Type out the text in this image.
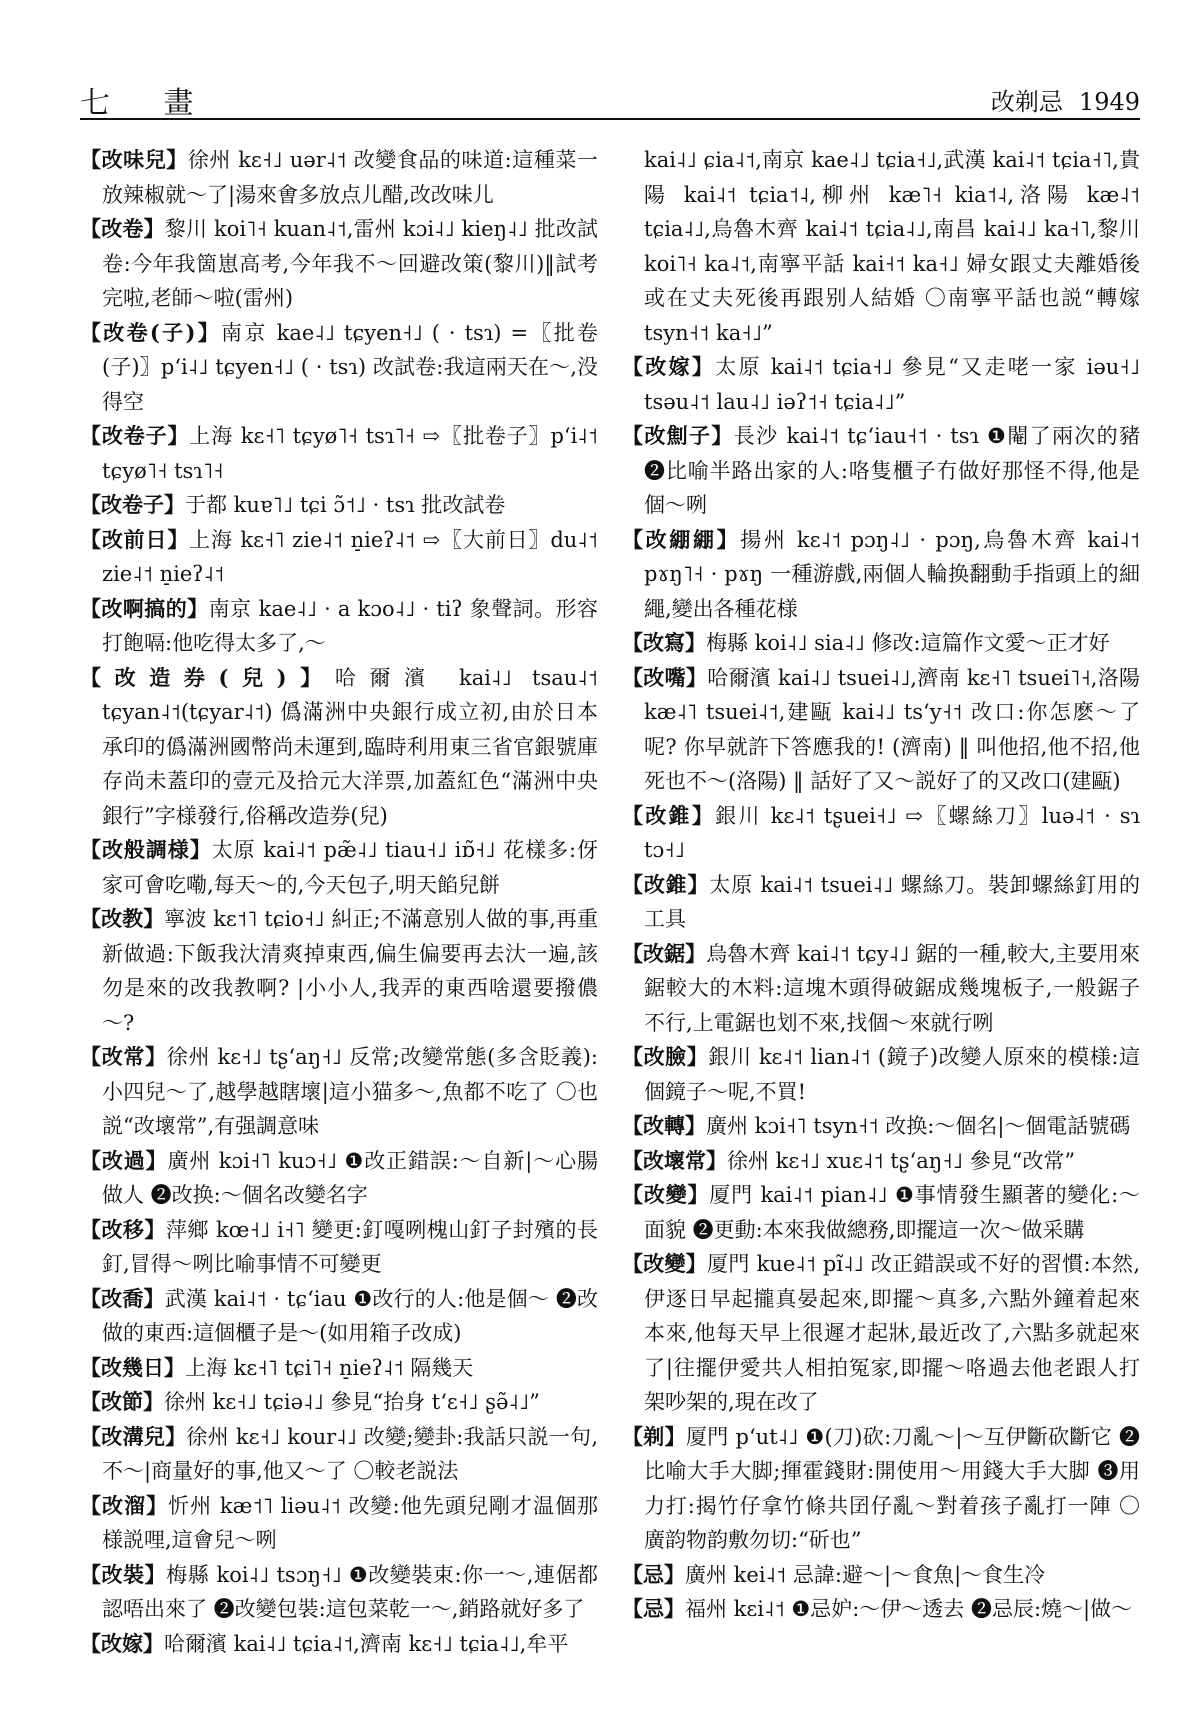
七 畫	改剃忌 1949

【改味兒】徐州 kɛ˧˩ uər˨˦ 改變食品的味道:這種菜一放辣椒就～了|湯來㑹多放点儿醋,改改味儿

【改卷】黎川 koi˥˧ kuan˨˦,雷州 kɔi˨˩ kieŋ˨˩ 批改試卷:今年我箇崽高考,今年我不～回避改策(黎川)‖試考完啦,老師～啦(雷州)

【改卷(子)】南京 kae˨˩ tɕyen˧˩ ( · tsɿ) =〖批卷(子)〗pʻi˨˩ tɕyen˧˩ ( · tsɿ) 改試卷:我這兩天在～,没得空

【改卷子】上海 kɛ˧˥ tɕyø˥˧ tsɿ˥˧ ⇨〖批卷子〗pʻi˨˦ tɕyø˥˧ tsɿ˥˧

【改卷子】于都 kuɐ˥˩ tɕi ɔ̃˦˩ · tsɿ 批改試卷

【改前日】上海 kɛ˧˥ zie˨˦ n̠ieʔ˨˦ ⇨〖大前日〗du˨˦ zie˨˦ n̠ieʔ˨˦

【改啊搞的】南京 kae˨˩ · a kɔo˨˩ · tiʔ 象聲詞。形容打飽嗝:他吃得太多了,～

【改造券(兒)】哈爾濱 kai˨˩ tsau˨˦ tɕyan˨˦(tɕyar˨˦) 僞滿洲中央銀行成立初,由於日本承印的僞滿洲國幣尚未運到,臨時利用東三省官銀號庫存尚未蓋印的壹元及拾元大洋票,加蓋紅色“滿洲中央銀行”字様發行,俗稱改造券(兒)

【改般調様】太原 kai˨˦ pæ̃˨˩ tiau˧˩ iɒ̃˧˩ 花樣多:伢家可會吃嘞,每天～的,今天包子,明天餡兒餅

【改教】寧波 kɛ˦˥ tɕio˧˩ 糾正;不滿意别人做的事,再重新做過:下飯我汏清爽掉東西,偏生偏要再去汏一遍,該勿是來的改我教啊? |小小人,我弄的東西啥還要撥儂～?

【改常】徐州 kɛ˧˩ tʂʻaŋ˧˩ 反常;改變常態(多含貶義):小四兒～了,越學越瞎壞|這小猫多～,魚都不吃了 〇也説“改壞常”,有强調意味

【改過】廣州 kɔi˧˥ kuɔ˧˩ ❶改正錯誤:～自新|～心腸做人 ❷改换:～個名改變名字

【改移】萍鄉 kœ˧˩ i˧˥ 變更:釘嘎咧槐山釘子封殯的長釘,冒得～咧比喻事情不可變更

【改喬】武漢 kai˨˦ · tɕʻiau ❶改行的人:他是個～ ❷改做的東西:這個櫃子是～(如用箱子改成)

【改幾日】上海 kɛ˧˥ tɕi˥˧ n̠ieʔ˨˦ 隔幾天

【改節】徐州 kɛ˧˩ tɕiə˨˩ 參見“抬身 tʻɛ˧˩ ʂə̃˨˩”

【改溝兒】徐州 kɛ˧˩ kour˨˩ 改變;變卦:我話只説一句,不～|商量好的事,他又～了 〇較老説法

【改溜】忻州 kæ˦˥ liəu˨˦ 改變:他先頭兒剛才温個那様説哩,這會兒～咧

【改裝】梅縣 koi˨˩ tsɔŋ˧˩ ❶改變裝束:你一～,連倨都認唔出來了 ❷改變包裝:這包菜乾一～,銷路就好多了

【改嫁】哈爾濱 kai˨˩ tɕia˨˦,濟南 kɛ˧˩ tɕia˨˩,牟平

kai˨˩ ɕia˨˦,南京 kae˨˩ tɕia˧˩,武漢 kai˨˦ tɕia˧˥,貴陽 kai˨˦ tɕia˦˨,柳州 kæ˥˧ kia˦˨,洛陽 kæ˨˦ tɕia˨˩,烏魯木齊 kai˨˦ tɕia˨˩,南昌 kai˨˩ ka˧˥,黎川 koi˥˧ ka˨˦,南寧平話 kai˧˦ ka˧˩ 婦女跟丈夫離婚後或在丈夫死後再跟别人結婚 〇南寧平話也説“轉嫁 tsyn˧˦ ka˧˩”

【改嫁】太原 kai˨˦ tɕia˧˩ 參見“又走咾一家 iəu˧˩ tsəu˨˦ lau˨˩ iəʔ˦˧ tɕia˨˩”

【改劁子】長沙 kai˨˦ tɕʻiau˧˦ · tsɿ ❶閹了兩次的豬 ❷比喻半路出家的人:咯隻櫃子冇做好那怪不得,他是個～咧

【改綳綳】揚州 kɛ˨˦ pɔŋ˨˩ · pɔŋ,烏魯木齊 kai˨˦ pɤŋ˥˧ · pɤŋ 一種游戲,兩個人輪换翻動手指頭上的細繩,變出各種花様

【改寫】梅縣 koi˨˩ sia˨˩ 修改:這篇作文愛～正才好

【改嘴】哈爾濱 kai˨˩ tsuei˨˩,濟南 kɛ˧˥ tsuei˥˧,洛陽 kæ˨˥ tsuei˨˦,建甌 kai˨˩ tsʻy˧˦ 改口:你怎麽～了呢? 你早就許下答應我的! (濟南) ‖ 叫他招,他不招,他死也不～(洛陽) ‖ 話好了又～説好了的又改口(建甌)

【改錐】銀川 kɛ˨˦ tʂuei˧˩ ⇨〖螺絲刀〗luə˨˦ · sɿ tɔ˧˩

【改錐】太原 kai˨˦ tsuei˨˩ 螺絲刀。裝卸螺絲釘用的工具

【改鋸】烏魯木齊 kai˨˦ tɕy˨˩ 鋸的一種,較大,主要用來鋸較大的木料:這塊木頭得破鋸成幾塊板子,一般鋸子不行,上電鋸也划不來,找個～來就行咧

【改臉】銀川 kɛ˨˦ lian˨˦ (鏡子)改變人原來的模様:這個鏡子～呢,不買!

【改轉】廣州 kɔi˧˥ tsyn˧˦ 改换:～個名|～個電話號碼

【改壞常】徐州 kɛ˧˩ xuɛ˨˦ tʂʻaŋ˧˩ 參見“改常”

【改變】厦門 kai˨˦ pian˨˩ ❶事情發生顯著的變化:～面貌 ❷更動:本來我做總務,即擺這一次～做采購

【改變】厦門 kue˨˦ pĩ˨˩ 改正錯誤或不好的習慣:本然,伊逐日早起攏真晏起來,即擺～真多,六點外鐘着起來本來,他每天早上很遲才起牀,最近改了,六點多就起來了|往擺伊愛共人相拍冤家,即擺～咯過去他老跟人打架吵架的,現在改了

【剃】厦門 pʻut˨˩ ❶(刀)砍:刀亂～|～互伊斷砍斷它 ❷比喻大手大脚;揮霍錢財:開使用～用錢大手大脚 ❸用力打:揭竹仔拿竹條共囝仔亂～對着孩子亂打一陣 〇廣韵物韵敷勿切:“斫也”

【忌】廣州 kei˨˦ 忌諱:避～|～食魚|～食生冷

【忌】福州 kɛi˨˦ ❶忌妒:～伊～透去 ❷忌辰:燒～|做～
